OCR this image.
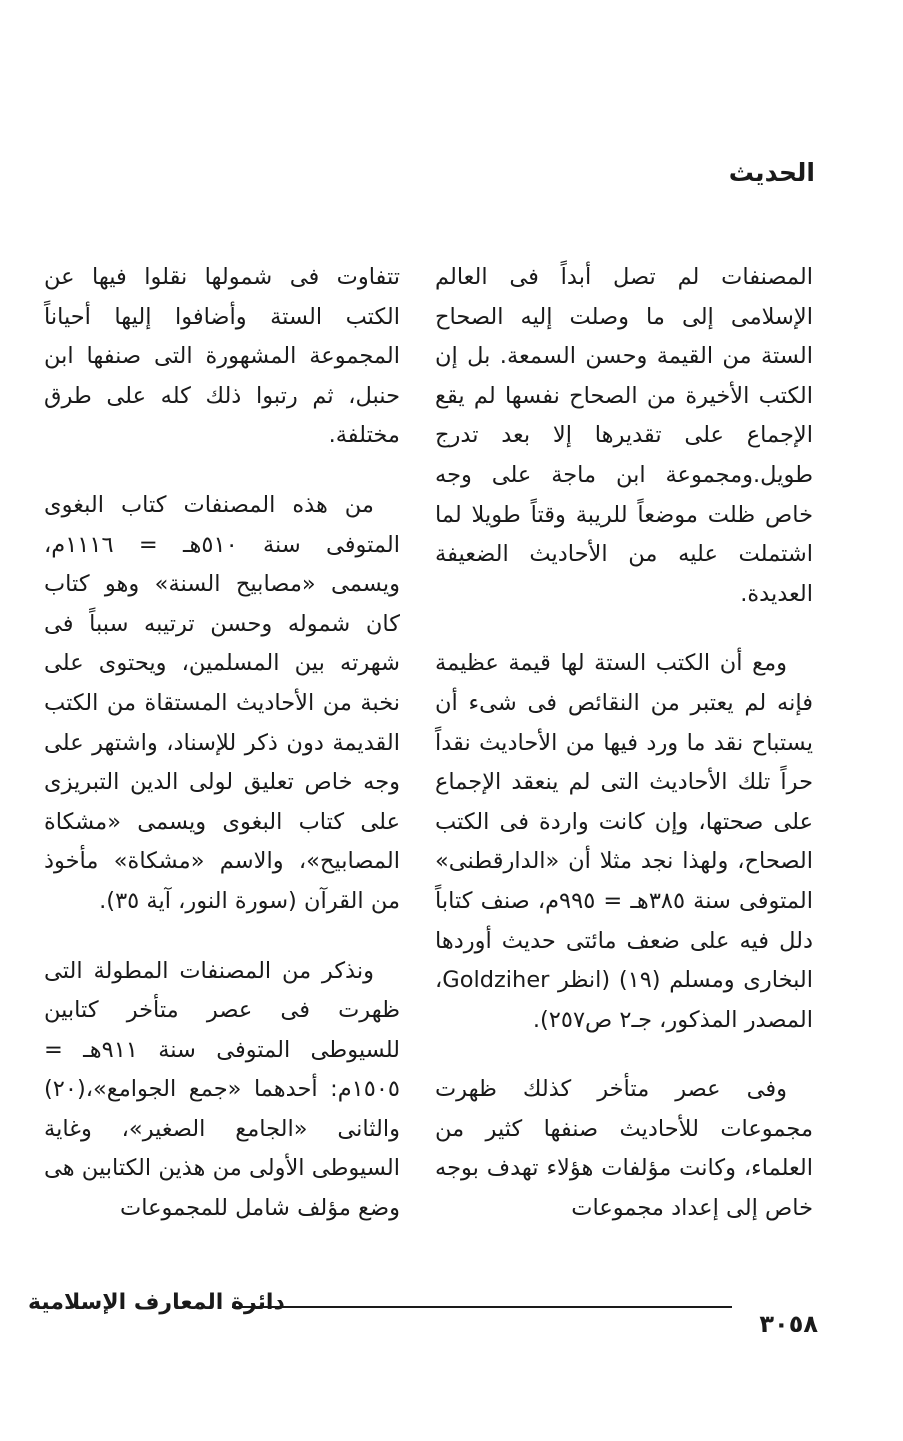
الحديث

المصنفات لم تصل أبداً فى العالم الإسلامى إلى ما وصلت إليه الصحاح الستة من القيمة وحسن السمعة. بل إن الكتب الأخيرة من الصحاح نفسها لم يقع الإجماع على تقديرها إلا بعد تدرج طويل.ومجموعة ابن ماجة على وجه خاص ظلت موضعاً للريبة وقتاً طويلا لما اشتملت عليه من الأحاديث الضعيفة العديدة.

ومع أن الكتب الستة لها قيمة عظيمة فإنه لم يعتبر من النقائص فى شىء أن يستباح نقد ما ورد فيها من الأحاديث نقداً حراً تلك الأحاديث التى لم ينعقد الإجماع على صحتها، وإن كانت واردة فى الكتب الصحاح، ولهذا نجد مثلا أن «الدارقطنى» المتوفى سنة ٣٨٥هـ = ٩٩٥م، صنف كتاباً دلل فيه على ضعف مائتى حديث أوردها البخارى ومسلم (١٩) (انظر Goldziher، المصدر المذكور، جـ٢ ص٢٥٧).

وفى عصر متأخر كذلك ظهرت مجموعات للأحاديث صنفها كثير من العلماء، وكانت مؤلفات هؤلاء تهدف بوجه خاص إلى إعداد مجموعات

تتفاوت فى شمولها نقلوا فيها عن الكتب الستة وأضافوا إليها أحياناً المجموعة المشهورة التى صنفها ابن حنبل، ثم رتبوا ذلك كله على طرق مختلفة.

من هذه المصنفات كتاب البغوى المتوفى سنة ٥١٠هـ = ١١١٦م، ويسمى «مصابيح السنة» وهو كتاب كان شموله وحسن ترتيبه سبباً فى شهرته بين المسلمين، ويحتوى على نخبة من الأحاديث المستقاة من الكتب القديمة دون ذكر للإسناد، واشتهر على وجه خاص تعليق لولى الدين التبريزى على كتاب البغوى ويسمى «مشكاة المصابيح»، والاسم «مشكاة» مأخوذ من القرآن (سورة النور، آية ٣٥).

ونذكر من المصنفات المطولة التى ظهرت فى عصر متأخر كتابين للسيوطى المتوفى سنة ٩١١هـ = ١٥٠٥م: أحدهما «جمع الجوامع»،(٢٠) والثانى «الجامع الصغير»، وغاية السيوطى الأولى من هذين الكتابين هى وضع مؤلف شامل للمجموعات

دائرة المعارف الإسلامية
٣٠٥٨
